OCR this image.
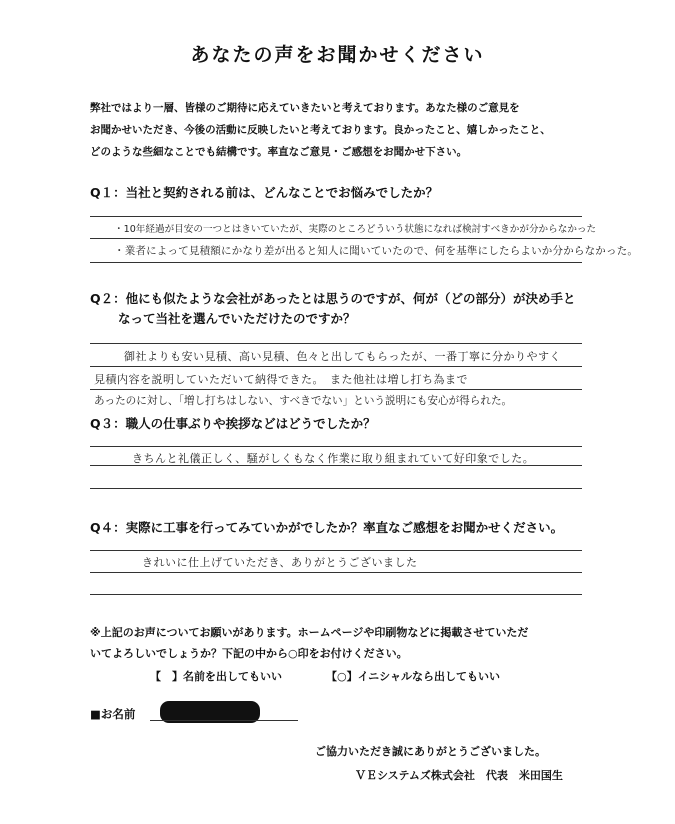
あなたの声をお聞かせください
弊社ではより一層、皆様のご期待に応えていきたいと考えております。あなた様のご意見を
お聞かせいただき、今後の活動に反映したいと考えております。良かったこと、嬉しかったこと、
どのような些細なことでも結構です。率直なご意見・ご感想をお聞かせ下さい。
Q１：当社と契約される前は、どんなことでお悩みでしたか？
・10年経過が目安の一つとはきいていたが、実際のところどういう状態になれば検討すべきかが分からなかった
・業者によって見積額にかなり差が出ると知人に聞いていたので、何を基準にしたらよいか分からなかった。
Q２：他にも似たような会社があったとは思うのですが、何が（どの部分）が決め手と
なって当社を選んでいただけたのですか？
御社よりも安い見積、高い見積、色々と出してもらったが、一番丁寧に分かりやすく
見積内容を説明していただいて納得できた。　また他社は増し打ち為まで
あったのに対し、「増し打ちはしない、すべきでない」という説明にも安心が得られた。
Q３：職人の仕事ぶりや挨拶などはどうでしたか？
きちんと礼儀正しく、騒がしくもなく作業に取り組まれていて好印象でした。
Q４：実際に工事を行ってみていかがでしたか？率直なご感想をお聞かせください。
きれいに仕上げていただき、ありがとうございました
※上記のお声についてお願いがあります。ホームページや印刷物などに掲載させていただ
いてよろしいでしょうか？下記の中から○印をお付けください。
【　】名前を出してもいい	【○】イニシャルなら出してもいい
■お名前
ご協力いただき誠にありがとうございました。
ＶＥシステムズ株式会社　代表　米田国生
